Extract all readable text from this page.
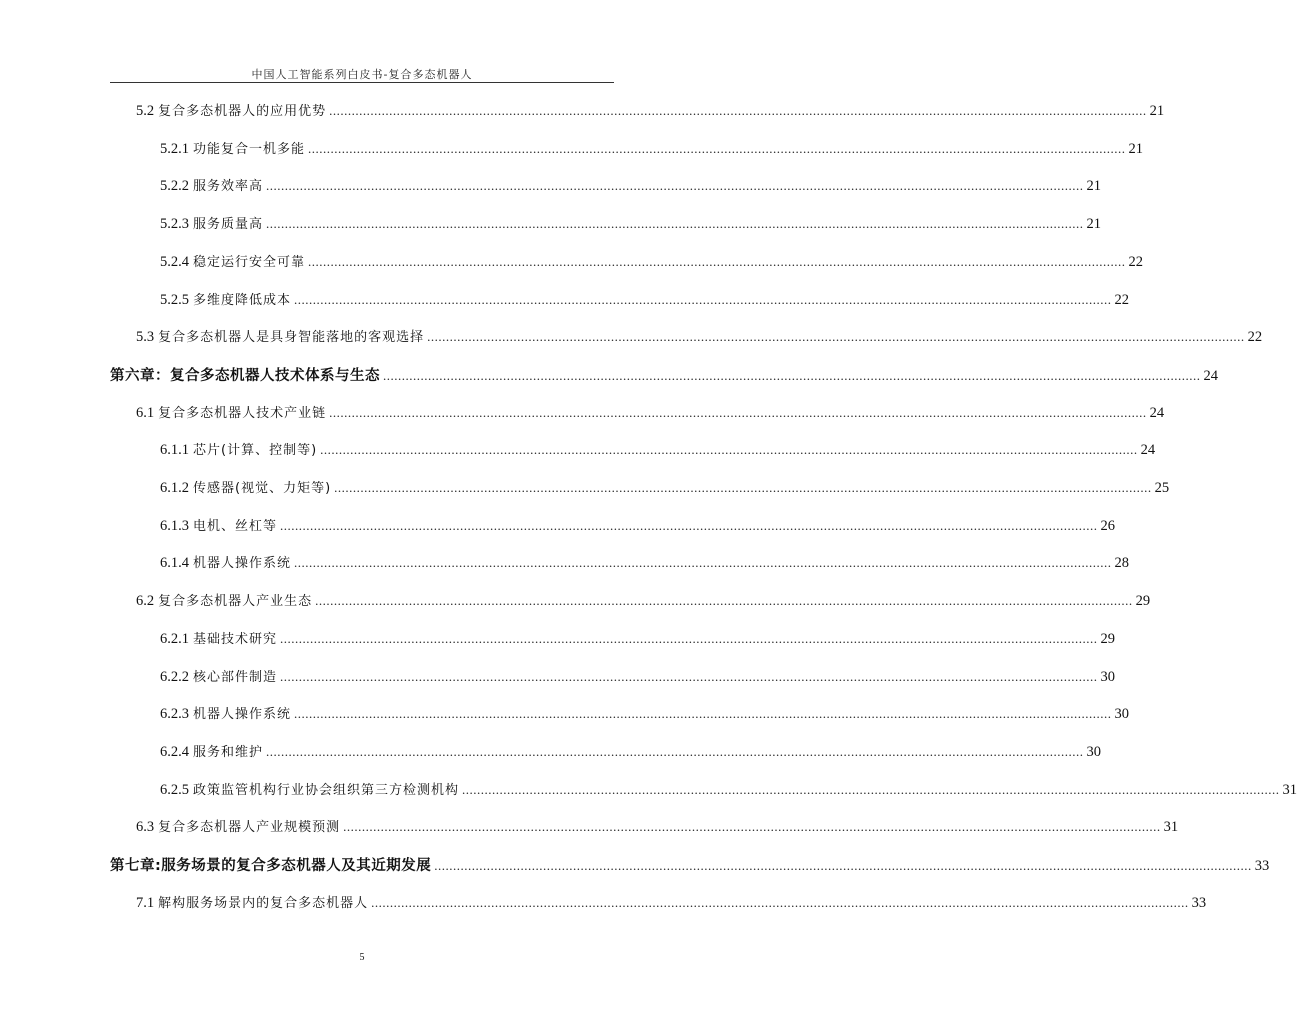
中国人工智能系列白皮书-复合多态机器人
5.2 复合多态机器人的应用优势 .....	21
5.2.1 功能复合一机多能 .....	21
5.2.2 服务效率高 .....	21
5.2.3 服务质量高 .....	21
5.2.4 稳定运行安全可靠 .....	22
5.2.5 多维度降低成本 .....	22
5.3 复合多态机器人是具身智能落地的客观选择 .....	22
第六章：复合多态机器人技术体系与生态 .....	24
6.1 复合多态机器人技术产业链 .....	24
6.1.1 芯片(计算、控制等) .....	24
6.1.2 传感器(视觉、力矩等) .....	25
6.1.3 电机、丝杠等 .....	26
6.1.4 机器人操作系统 .....	28
6.2 复合多态机器人产业生态 .....	29
6.2.1 基础技术研究 .....	29
6.2.2 核心部件制造 .....	30
6.2.3 机器人操作系统 .....	30
6.2.4 服务和维护 .....	30
6.2.5 政策监管机构行业协会组织第三方检测机构 .....	31
6.3 复合多态机器人产业规模预测 .....	31
第七章:服务场景的复合多态机器人及其近期发展 .....	33
7.1 解构服务场景内的复合多态机器人 .....	33
5
